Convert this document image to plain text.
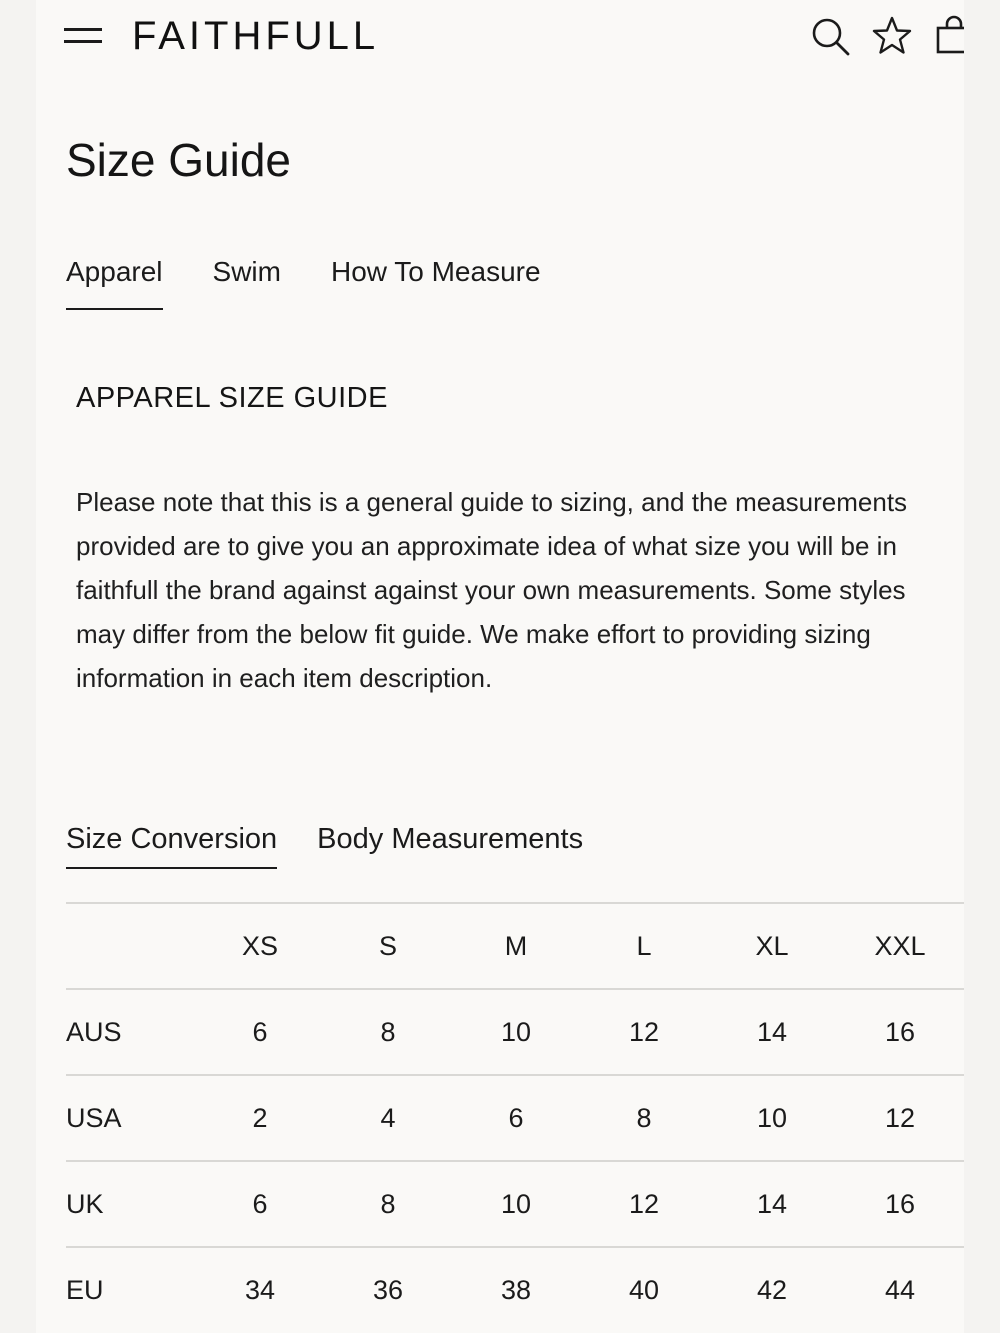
FAITHFULL
Size Guide
Apparel Swim How To Measure
APPAREL SIZE GUIDE

Please note that this is a general guide to sizing, and the measurements provided are to give you an approximate idea of what size you will be in faithfull the brand against against your own measurements. Some styles may differ from the below fit guide. We make effort to providing sizing information in each item description.

Size Conversion Body Measurements
	XS	S	M	L	XL	XXL
AUS	6	8	10	12	14	16
USA	2	4	6	8	10	12
UK	6	8	10	12	14	16
EU	34	36	38	40	42	44
